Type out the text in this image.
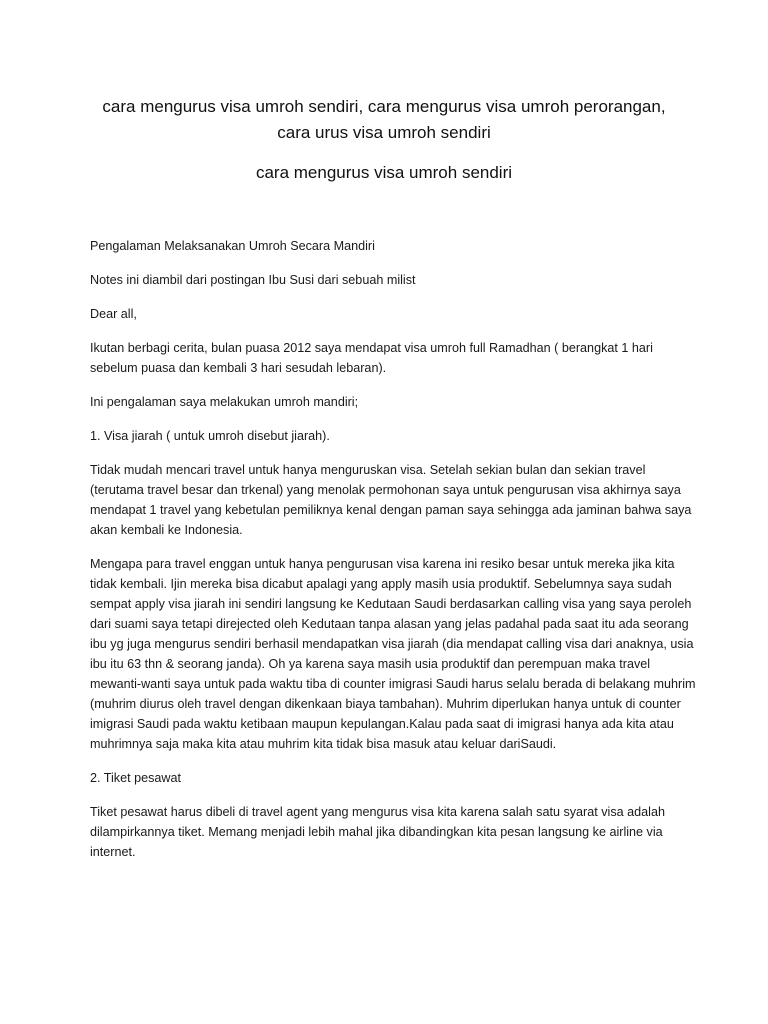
cara mengurus visa umroh sendiri, cara mengurus visa umroh perorangan, cara urus visa umroh sendiri
cara mengurus visa umroh sendiri

Pengalaman Melaksanakan Umroh Secara Mandiri

Notes ini diambil dari postingan Ibu Susi dari sebuah milist

Dear all,

Ikutan berbagi cerita, bulan puasa 2012 saya mendapat visa umroh full Ramadhan ( berangkat 1 hari sebelum puasa dan kembali 3 hari sesudah lebaran).

Ini pengalaman saya melakukan umroh mandiri;

1. Visa jiarah ( untuk umroh disebut jiarah).

Tidak mudah mencari travel untuk hanya menguruskan visa. Setelah sekian bulan dan sekian travel (terutama travel besar dan trkenal) yang menolak permohonan saya untuk pengurusan visa akhirnya saya mendapat 1 travel yang kebetulan pemiliknya kenal dengan paman saya sehingga ada jaminan bahwa saya akan kembali ke Indonesia.

Mengapa para travel enggan untuk hanya pengurusan visa karena ini resiko besar untuk mereka jika kita tidak kembali. Ijin mereka bisa dicabut apalagi yang apply masih usia produktif. Sebelumnya saya sudah sempat apply visa jiarah ini sendiri langsung ke Kedutaan Saudi berdasarkan calling visa yang saya peroleh dari suami saya tetapi direjected oleh Kedutaan tanpa alasan yang jelas padahal pada saat itu ada seorang ibu yg juga mengurus sendiri berhasil mendapatkan visa jiarah (dia mendapat calling visa dari anaknya, usia ibu itu 63 thn & seorang janda). Oh ya karena saya masih usia produktif dan perempuan maka travel mewanti-wanti saya untuk pada waktu tiba di counter imigrasi Saudi harus selalu berada di belakang muhrim (muhrim diurus oleh travel dengan dikenkaan biaya tambahan). Muhrim diperlukan hanya untuk di counter imigrasi Saudi pada waktu ketibaan maupun kepulangan.Kalau pada saat di imigrasi hanya ada kita atau muhrimnya saja maka kita atau muhrim kita tidak bisa masuk atau keluar dariSaudi.

2. Tiket pesawat

Tiket pesawat harus dibeli di travel agent yang mengurus visa kita karena salah satu syarat visa adalah dilampirkannya tiket. Memang menjadi lebih mahal jika dibandingkan kita pesan langsung ke airline via internet.
